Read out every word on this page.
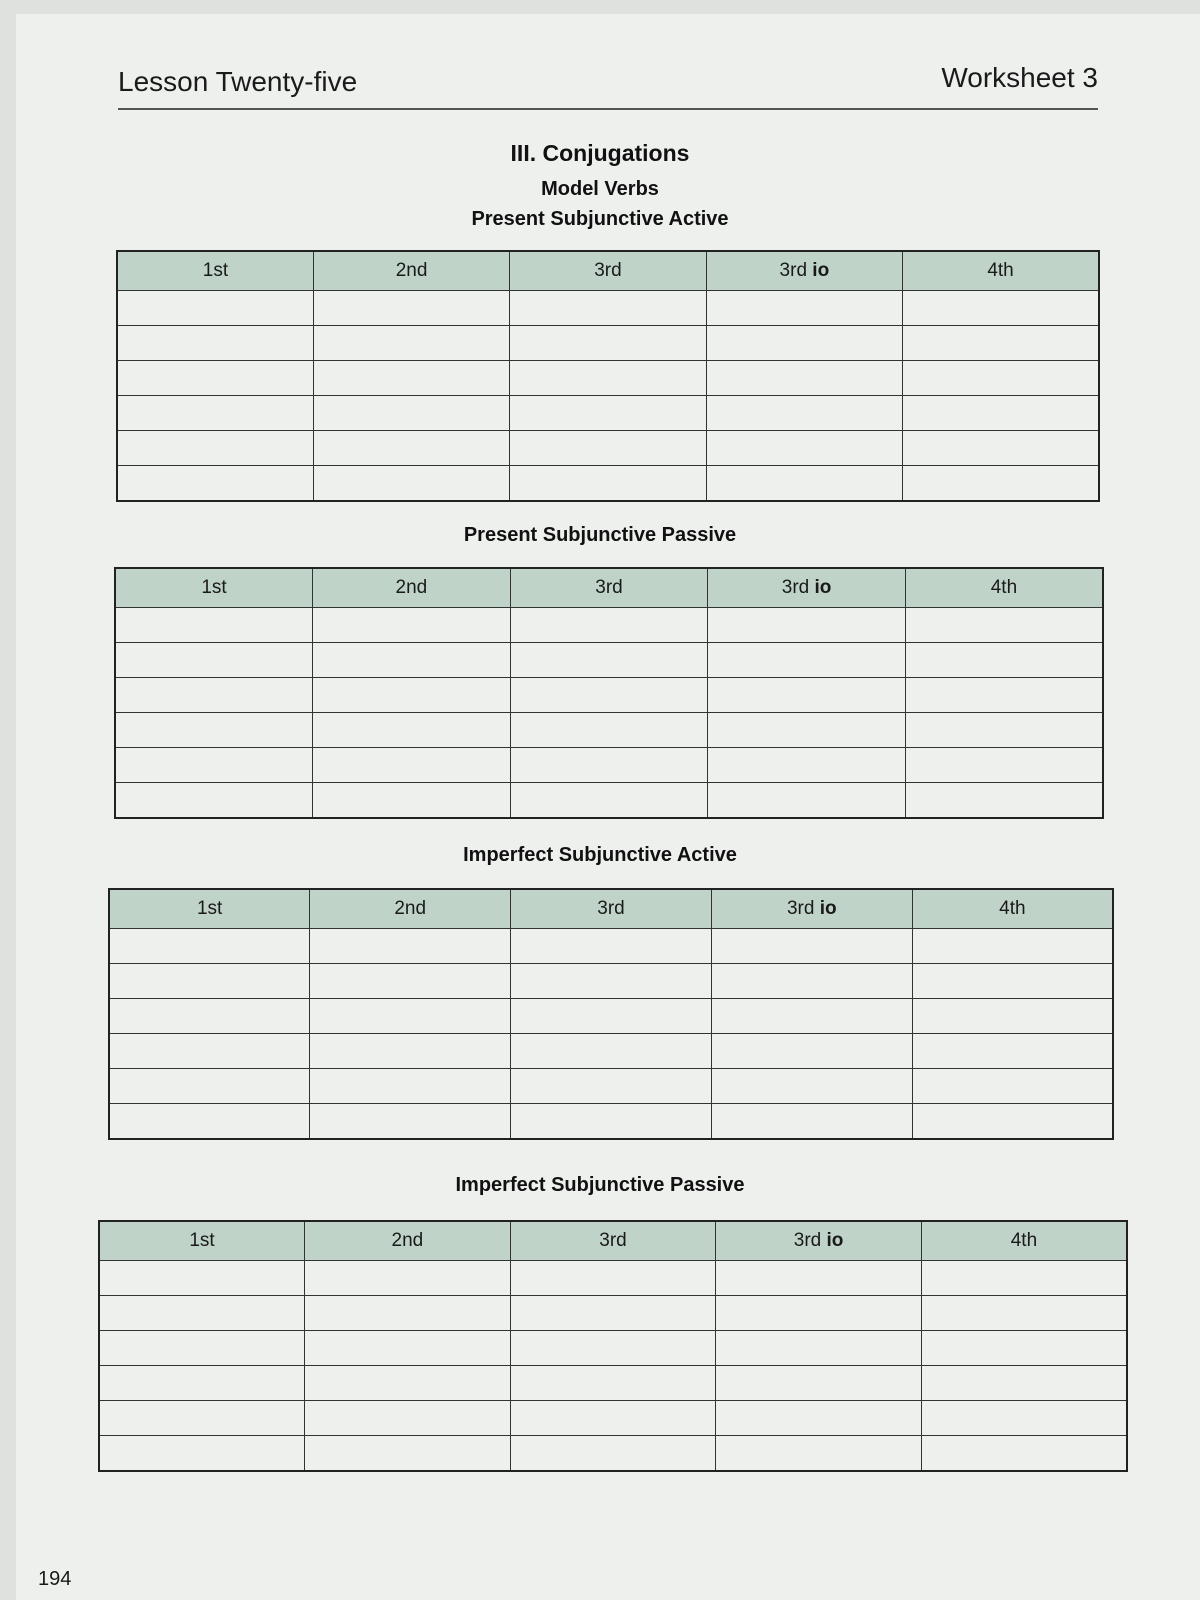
Lesson Twenty-five	Worksheet 3
III. Conjugations
Model Verbs
Present Subjunctive Active
1st	2nd	3rd	3rd io	4th

Present Subjunctive Passive
1st	2nd	3rd	3rd io	4th

Imperfect Subjunctive Active
1st	2nd	3rd	3rd io	4th

Imperfect Subjunctive Passive
1st	2nd	3rd	3rd io	4th

194
